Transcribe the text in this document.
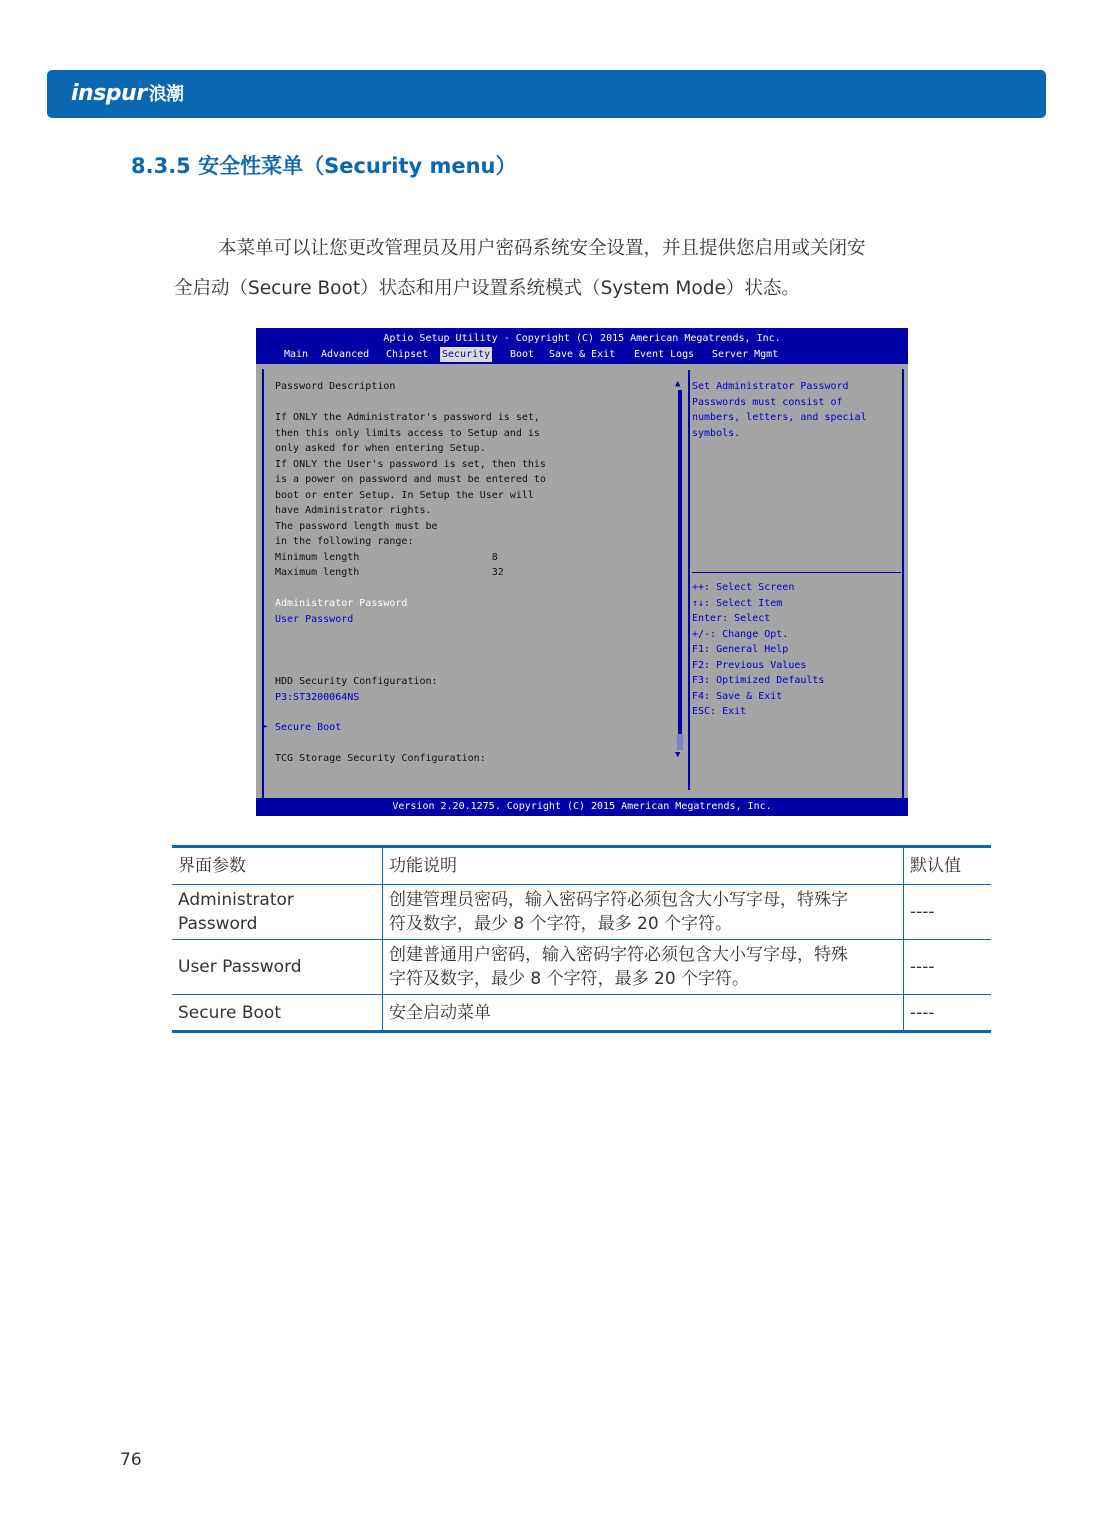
inspur 浪潮
8.3.5 安全性菜单（Security menu）
本菜单可以让您更改管理员及用户密码系统安全设置，并且提供您启用或关闭安
全启动（Secure Boot）状态和用户设置系统模式（System Mode）状态。
Aptio Setup Utility - Copyright (C) 2015 American Megatrends, Inc.
Main Advanced Chipset Security Boot Save & Exit Event Logs Server Mgmt
Password Description
If ONLY the Administrator's password is set,
then this only limits access to Setup and is
only asked for when entering Setup.
If ONLY the User's password is set, then this
is a power on password and must be entered to
boot or enter Setup. In Setup the User will
have Administrator rights.
The password length must be
in the following range:
Minimum length                      8
Maximum length                      32
Administrator Password
User Password
HDD Security Configuration:
P3:ST3200064NS
► Secure Boot
TCG Storage Security Configuration:
▲
▼
Set Administrator Password
Passwords must consist of
numbers, letters, and special
symbols.
++: Select Screen
↑↓: Select Item
Enter: Select
+/-: Change Opt.
F1: General Help
F2: Previous Values
F3: Optimized Defaults
F4: Save & Exit
ESC: Exit
Version 2.20.1275. Copyright (C) 2015 American Megatrends, Inc.
界面参数	功能说明	默认值
Administrator Password	创建管理员密码，输入密码字符必须包含大小写字母，特殊字
符及数字，最少 8 个字符，最多 20 个字符。	----
User Password	创建普通用户密码，输入密码字符必须包含大小写字母，特殊
字符及数字，最少 8 个字符，最多 20 个字符。	----
Secure Boot	安全启动菜单	----
76
